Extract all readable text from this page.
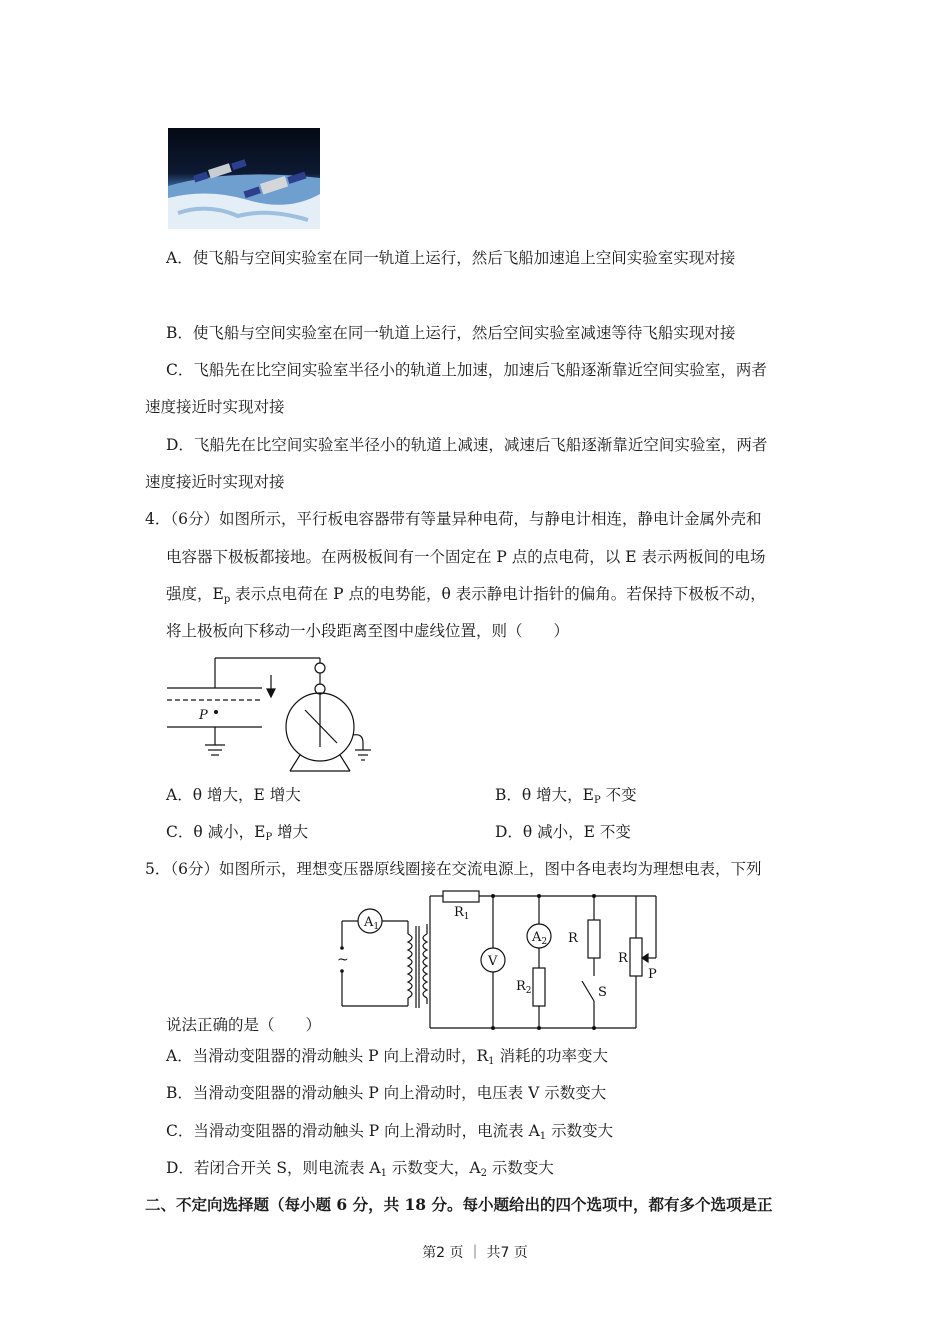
A．使飞船与空间实验室在同一轨道上运行，然后飞船加速追上空间实验室实现对接
B．使飞船与空间实验室在同一轨道上运行，然后空间实验室减速等待飞船实现对接
C．飞船先在比空间实验室半径小的轨道上加速，加速后飞船逐渐靠近空间实验室，两者
速度接近时实现对接
D．飞船先在比空间实验室半径小的轨道上减速，减速后飞船逐渐靠近空间实验室，两者
速度接近时实现对接
4．（6分）如图所示，平行板电容器带有等量异种电荷，与静电计相连，静电计金属外壳和
电容器下极板都接地。在两极板间有一个固定在 P 点的点电荷，以 E 表示两板间的电场
强度，$E_p$ 表示点电荷在 P 点的电势能，θ 表示静电计指针的偏角。若保持下极板不动，
将上极板向下移动一小段距离至图中虚线位置，则（　　）
P
A．θ 增大，E 增大	B．θ 增大，$E_P$ 不变
C．θ 减小，$E_P$ 增大	D．θ 减小，E 不变
5．（6分）如图所示，理想变压器原线圈接在交流电源上，图中各电表均为理想电表，下列
$A_1$
~
$R_1$
V
$A_2$
$R_2$
R
S
R
P
说法正确的是（　　）
A．当滑动变阻器的滑动触头 P 向上滑动时，$R_1$ 消耗的功率变大
B．当滑动变阻器的滑动触头 P 向上滑动时，电压表 V 示数变大
C．当滑动变阻器的滑动触头 P 向上滑动时，电流表 $A_1$ 示数变大
D．若闭合开关 S，则电流表 $A_1$ 示数变大，$A_2$ 示数变大
二、不定向选择题（每小题 6 分，共 18 分。每小题给出的四个选项中，都有多个选项是正
第2 页 ｜ 共7 页
